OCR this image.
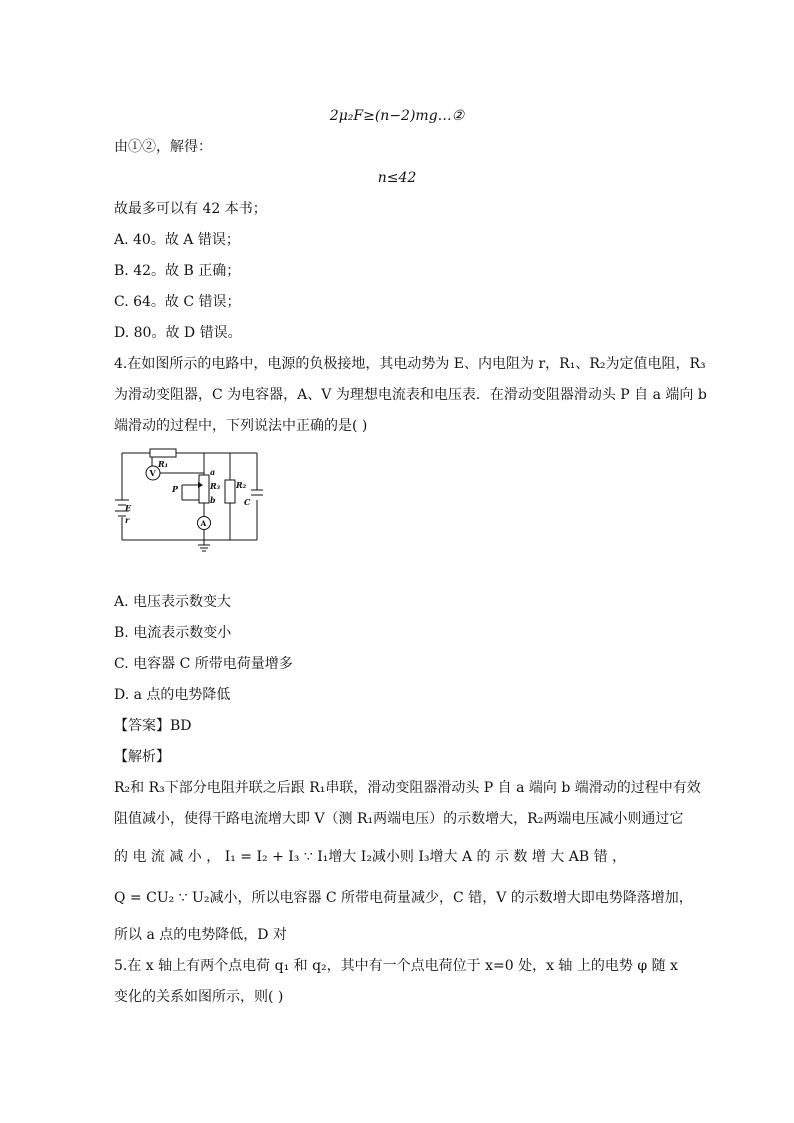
2μ₂F≥(n−2)mg…②
由①②，解得：
n≤42
故最多可以有 42 本书；
A. 40。故 A 错误；
B. 42。故 B 正确；
C. 64。故 C 错误；
D. 80。故 D 错误。
4.在如图所示的电路中，电源的负极接地，其电动势为 E、内电阻为 r，R₁、R₂为定值电阻，R₃
为滑动变阻器，C 为电容器，A、V 为理想电流表和电压表．在滑动变阻器滑动头 P 自 a 端向 b
端滑动的过程中，下列说法中正确的是( )
R₁
V
A
P
a
R₃
b
R₂
C
E
r
A. 电压表示数变大
B. 电流表示数变小
C. 电容器 C 所带电荷量增多
D. a 点的电势降低
【答案】BD
【解析】
R₂和 R₃下部分电阻并联之后跟 R₁串联，滑动变阻器滑动头 P 自 a 端向 b 端滑动的过程中有效
阻值减小，使得干路电流增大即 V（测 R₁两端电压）的示数增大，R₂两端电压减小则通过它
的 电 流 减 小 ， I₁ = I₂ + I₃ ∵ I₁增大 I₂减小则 I₃增大 A 的 示 数 增 大 AB 错 ，
Q = CU₂ ∵ U₂减小，所以电容器 C 所带电荷量减少，C 错，V 的示数增大即电势降落增加，
所以 a 点的电势降低，D 对
5.在 x 轴上有两个点电荷 q₁ 和 q₂，其中有一个点电荷位于 x=0 处，x 轴 上的电势 φ 随 x
变化的关系如图所示，则( )
